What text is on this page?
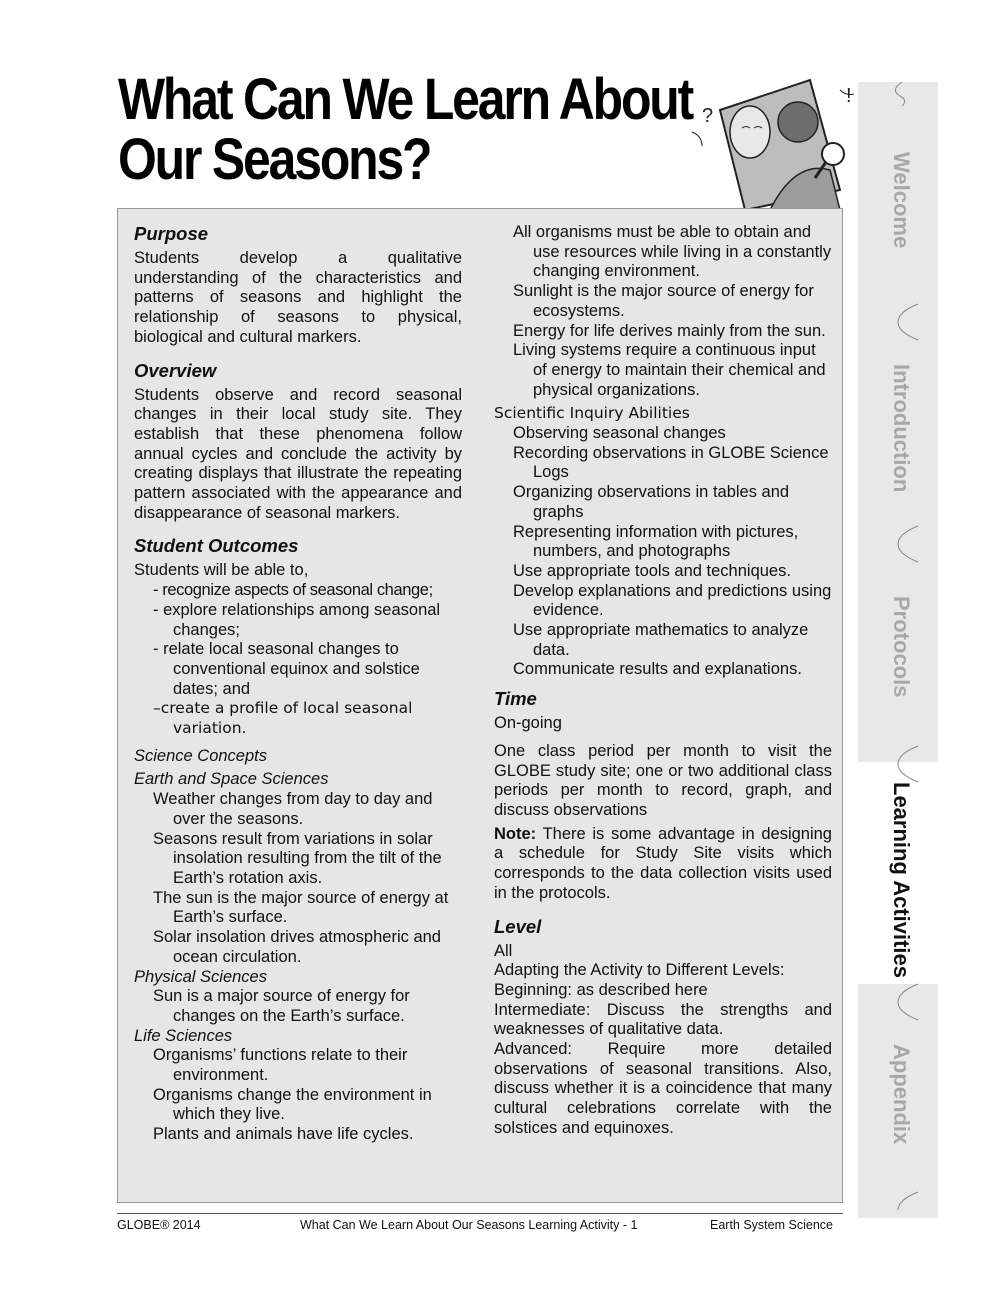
What Can We Learn About
Our Seasons?
?
!
Purpose

Students develop a qualitative understanding of the characteristics and patterns of seasons and highlight the relationship of seasons to physical, biological and cultural markers.

Overview

Students observe and record seasonal changes in their local study site. They establish that these phenomena follow annual cycles and conclude the activity by creating displays that illustrate the repeating pattern associated with the appearance and disappearance of seasonal markers.

Student Outcomes

Students will be able to,

- recognize aspects of seasonal change;

- explore relationships among seasonal changes;

- relate local seasonal changes to conventional equinox and solstice dates; and

–create a profile of local seasonal variation.

Science Concepts

Earth and Space Sciences

Weather changes from day to day and over the seasons.

Seasons result from variations in solar insolation resulting from the tilt of the Earth’s rotation axis.

The sun is the major source of energy at Earth’s surface.

Solar insolation drives atmospheric and ocean circulation.

Physical Sciences

Sun is a major source of energy for changes on the Earth’s surface.

Life Sciences

Organisms’ functions relate to their environment.

Organisms change the environment in which they live.

Plants and animals have life cycles.

All organisms must be able to obtain and use resources while living in a constantly changing environment.

Sunlight is the major source of energy for ecosystems.

Energy for life derives mainly from the sun.

Living systems require a continuous input of energy to maintain their chemical and physical organizations.

Scientific Inquiry Abilities

Observing seasonal changes

Recording observations in GLOBE Science Logs

Organizing observations in tables and graphs

Representing information with pictures, numbers, and photographs

Use appropriate tools and techniques.

Develop explanations and predictions using evidence.

Use appropriate mathematics to analyze data.

Communicate results and explanations.

Time

On-going

One class period per month to visit the GLOBE study site; one or two additional class periods per month to record, graph, and discuss observations

Note: There is some advantage in designing a schedule for Study Site visits which corresponds to the data collection visits used in the protocols.

Level

All

Adapting the Activity to Different Levels:

Beginning: as described here

Intermediate: Discuss the strengths and weaknesses of qualitative data.

Advanced: Require more detailed observations of seasonal transitions. Also, discuss whether it is a coincidence that many cultural celebrations correlate with the solstices and equinoxes.

GLOBE® 2014	What Can We Learn About Our Seasons Learning Activity - 1	Earth System Science
Welcome
Introduction
Protocols
Learning Activities
Appendix
